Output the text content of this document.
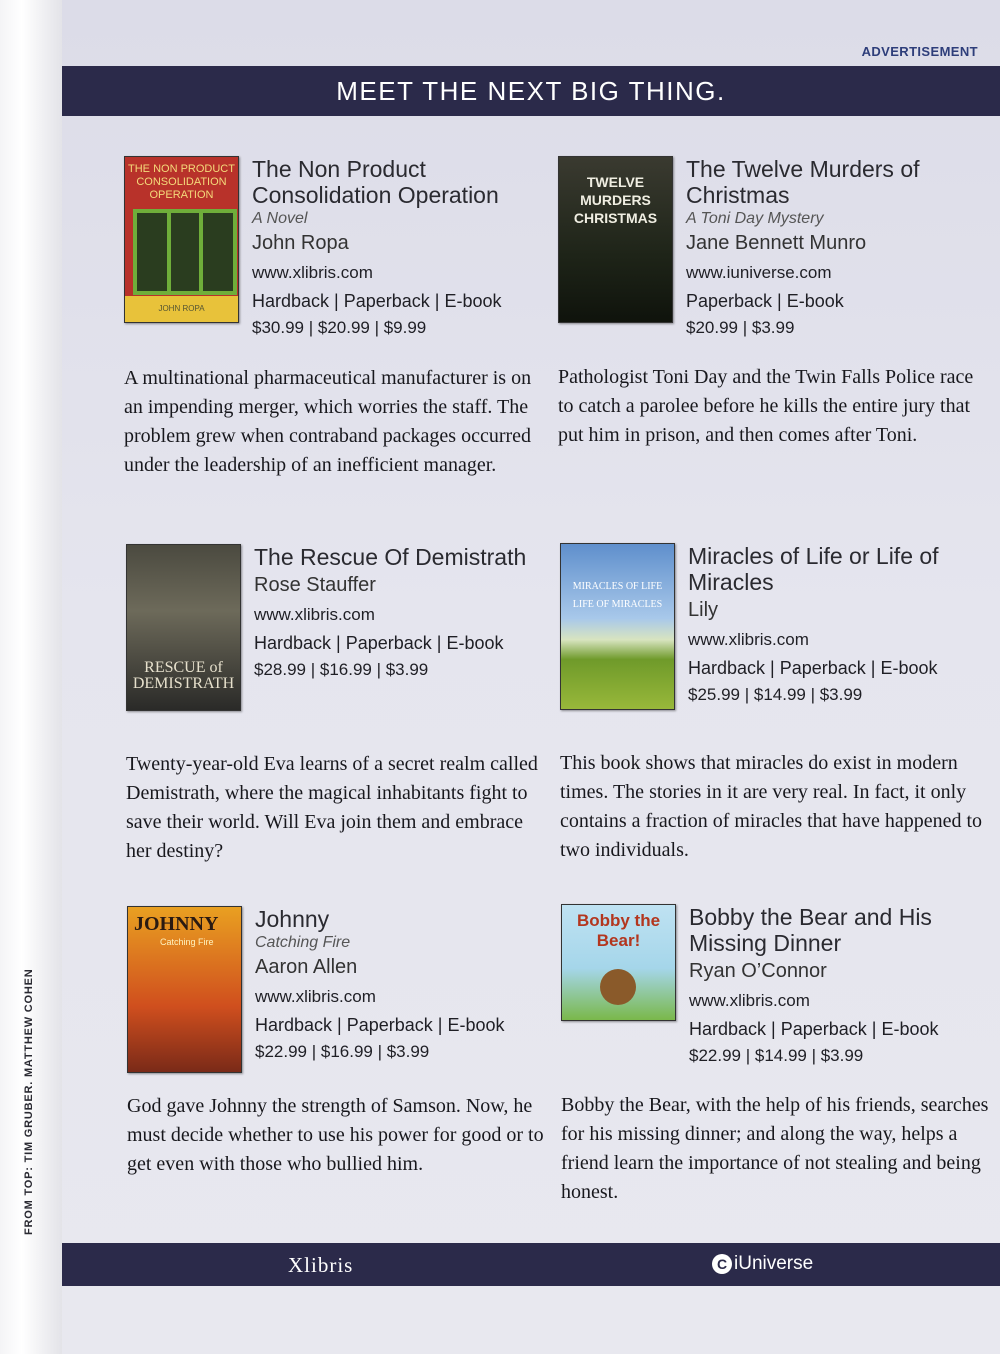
FROM TOP: TIM GRUBER. MATTHEW COHEN
ADVERTISEMENT
MEET THE NEXT BIG THING.
THE NON PRODUCT CONSOLIDATION OPERATION
JOHN ROPA
The Non Product Consolidation Operation
A Novel
John Ropa
www.xlibris.com
Hardback | Paperback | E-book
$30.99 | $20.99 | $9.99
A multinational pharmaceutical manufacturer is on an impending merger, which worries the staff. The problem grew when contraband packages occurred under the leadership of an inefficient manager.
TWELVE MURDERS CHRISTMAS
The Twelve Murders of Christmas
A Toni Day Mystery
Jane Bennett Munro
www.iuniverse.com
Paperback | E-book
$20.99 | $3.99
Pathologist Toni Day and the Twin Falls Police race to catch a parolee before he kills the entire jury that put him in prison, and then comes after Toni.
RESCUE of DEMISTRATH
The Rescue Of Demistrath
Rose Stauffer
www.xlibris.com
Hardback | Paperback | E-book
$28.99 | $16.99 | $3.99
Twenty-year-old Eva learns of a secret realm called Demistrath, where the magical inhabitants fight to save their world. Will Eva join them and embrace her destiny?
MIRACLES OF LIFE LIFE OF MIRACLES
Miracles of Life or Life of Miracles
Lily
www.xlibris.com
Hardback | Paperback | E-book
$25.99 | $14.99 | $3.99
This book shows that miracles do exist in modern times. The stories in it are very real. In fact, it only contains a fraction of miracles that have happened to two individuals.
JOHNNY
Catching Fire
Johnny
Catching Fire
Aaron Allen
www.xlibris.com
Hardback | Paperback | E-book
$22.99 | $16.99 | $3.99
God gave Johnny the strength of Samson. Now, he must decide whether to use his power for good or to get even with those who bullied him.
Bobby the Bear!
Bobby the Bear and His Missing Dinner
Ryan O’Connor
www.xlibris.com
Hardback | Paperback | E-book
$22.99 | $14.99 | $3.99
Bobby the Bear, with the help of his friends, searches for his missing dinner; and along the way, helps a friend learn the importance of not stealing and being honest.
Xlibris	C iUniverse
